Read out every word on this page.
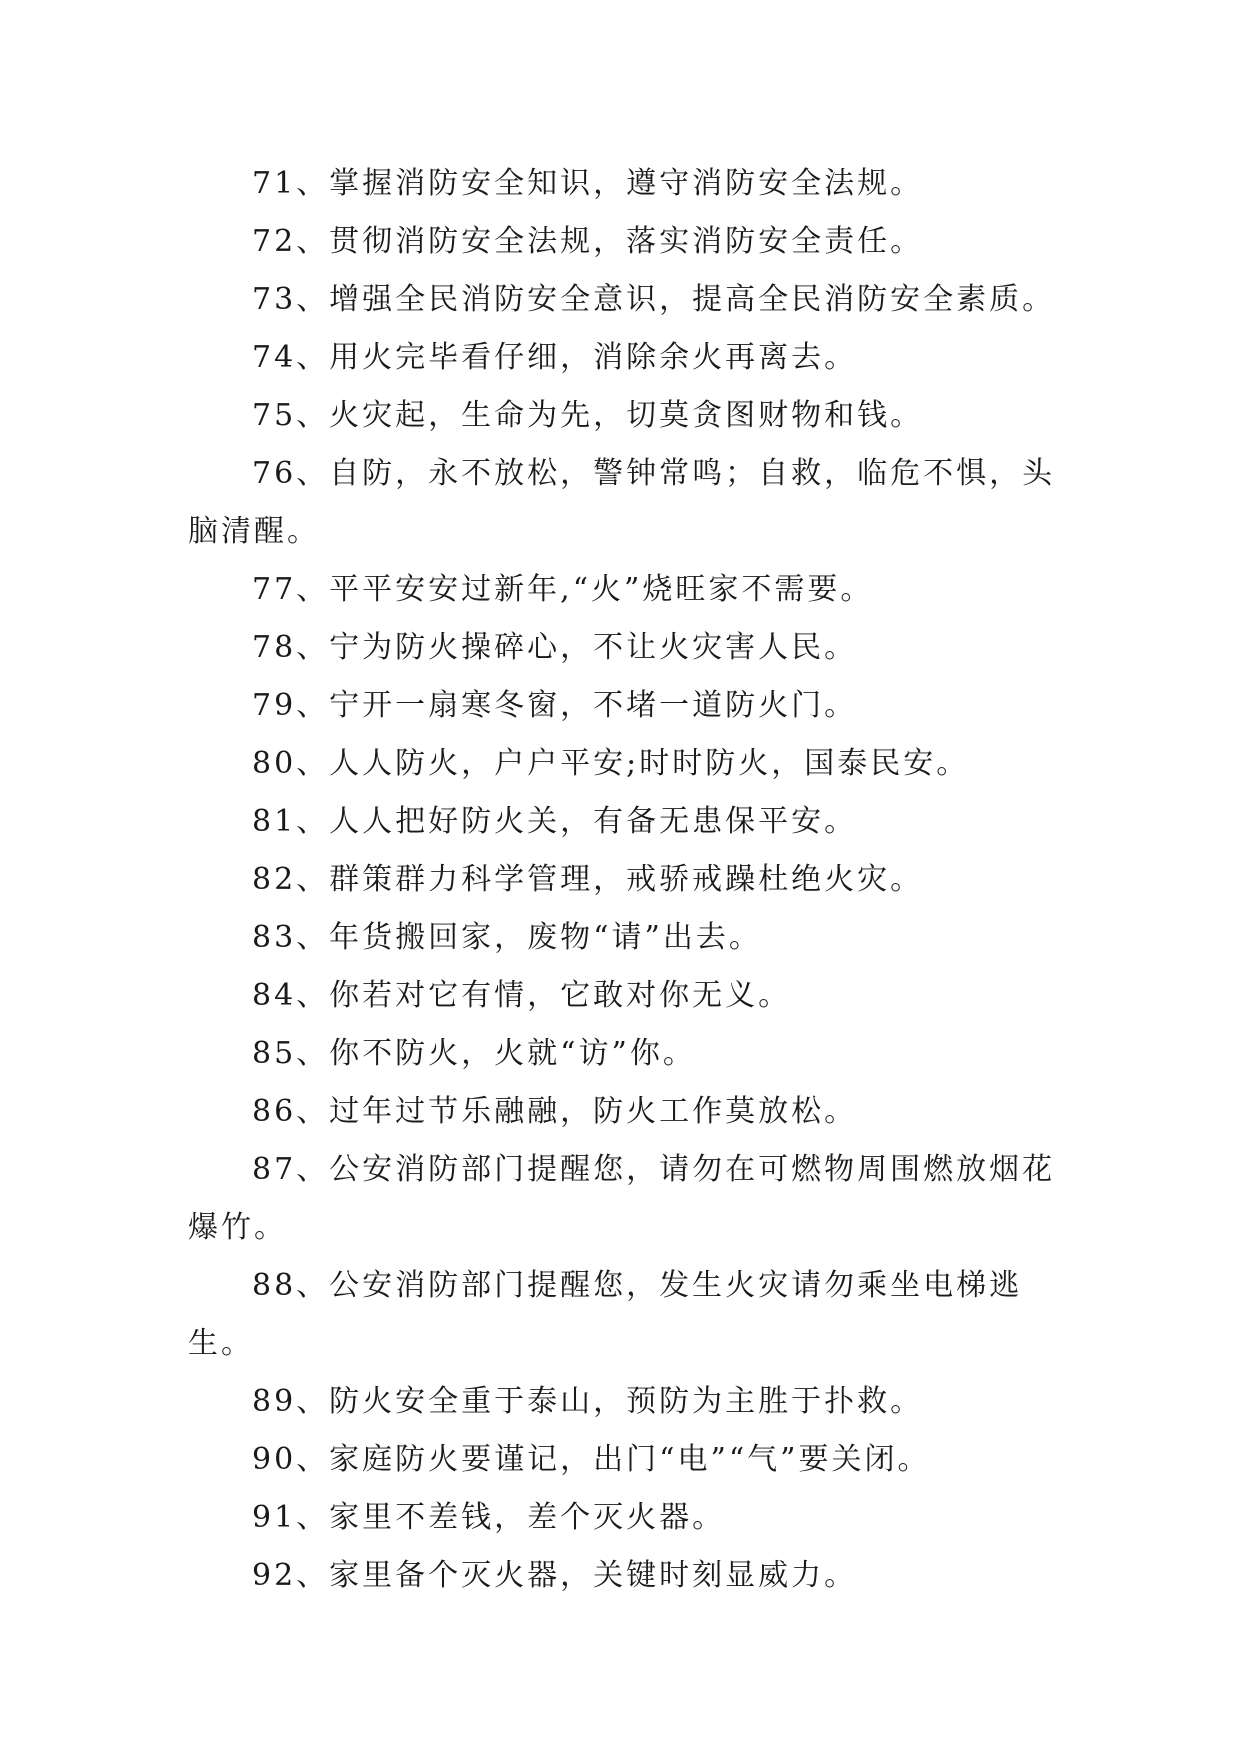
71、掌握消防安全知识，遵守消防安全法规。

72、贯彻消防安全法规，落实消防安全责任。

73、增强全民消防安全意识，提高全民消防安全素质。

74、用火完毕看仔细，消除余火再离去。

75、火灾起，生命为先，切莫贪图财物和钱。

76、自防，永不放松，警钟常鸣；自救，临危不惧，头脑清醒。

77、平平安安过新年,“火”烧旺家不需要。

78、宁为防火操碎心，不让火灾害人民。

79、宁开一扇寒冬窗，不堵一道防火门。

80、人人防火，户户平安;时时防火，国泰民安。

81、人人把好防火关，有备无患保平安。

82、群策群力科学管理，戒骄戒躁杜绝火灾。

83、年货搬回家，废物“请”出去。

84、你若对它有情，它敢对你无义。

85、你不防火，火就“访”你。

86、过年过节乐融融，防火工作莫放松。

87、公安消防部门提醒您，请勿在可燃物周围燃放烟花爆竹。

88、公安消防部门提醒您，发生火灾请勿乘坐电梯逃生。

89、防火安全重于泰山，预防为主胜于扑救。

90、家庭防火要谨记，出门“电”“气”要关闭。

91、家里不差钱，差个灭火器。

92、家里备个灭火器，关键时刻显威力。
